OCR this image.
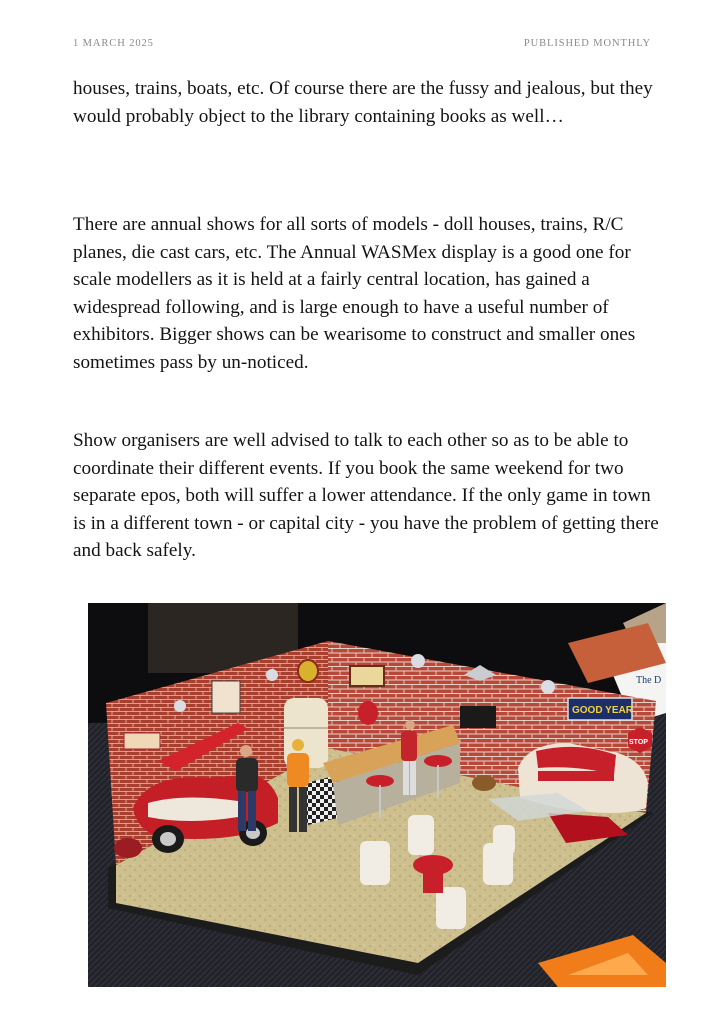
1 MARCH 2025	PUBLISHED MONTHLY

houses, trains, boats, etc. Of course there are the fussy and jealous, but they would probably object to the library containing books as well…

There are annual shows for all sorts of models - doll houses, trains, R/C planes, die cast cars, etc. The Annual WASMex display is a good one for scale modellers as it is held at a fairly central location, has gained a widespread following, and is large enough to have a useful number of exhibitors. Bigger shows can be wearisome to construct and smaller ones sometimes pass by un-noticed.

Show organisers are well advised to talk to each other so as to be able to coordinate their different events. If you book the same weekend for two separate epos, both will suffer a lower attendance. If the only game in town is in a different town - or capital city - you have the problem of getting there and back safely.

The D
GOOD YEAR
STOP
